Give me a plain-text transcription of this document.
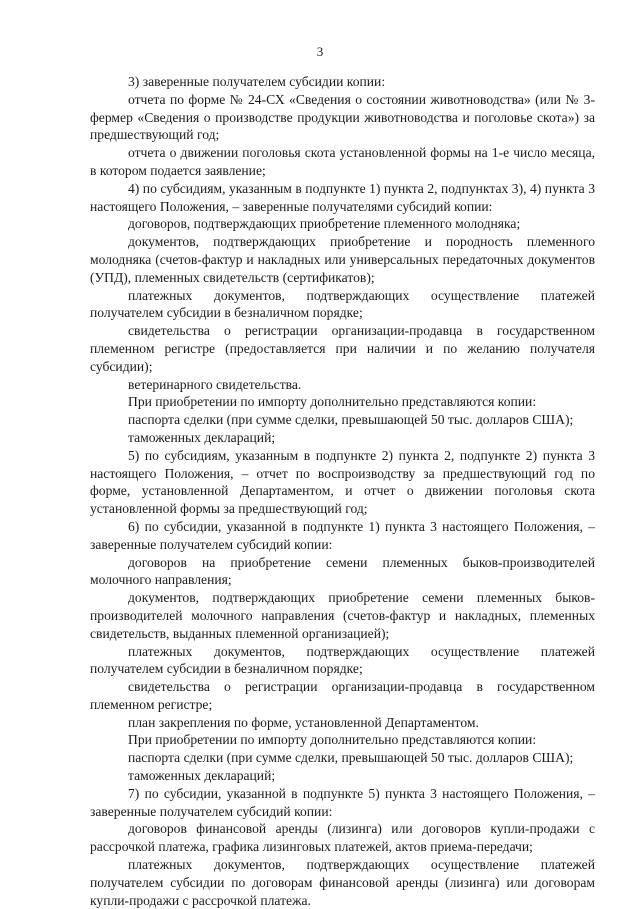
3

3) заверенные получателем субсидии копии:

отчета по форме № 24-СХ «Сведения о состоянии животноводства» (или № 3-фермер «Сведения о производстве продукции животноводства и поголовье скота») за предшествующий год;

отчета о движении поголовья скота установленной формы на 1-е число месяца, в котором подается заявление;

4) по субсидиям, указанным в подпункте 1) пункта 2, подпунктах 3), 4) пункта 3 настоящего Положения, – заверенные получателями субсидий копии:

договоров, подтверждающих приобретение племенного молодняка;

документов, подтверждающих приобретение и породность племенного молодняка (счетов-фактур и накладных или универсальных передаточных документов (УПД), племенных свидетельств (сертификатов);

платежных документов, подтверждающих осуществление платежей получателем субсидии в безналичном порядке;

свидетельства о регистрации организации-продавца в государственном племенном регистре (предоставляется при наличии и по желанию получателя субсидии);

ветеринарного свидетельства.

При приобретении по импорту дополнительно представляются копии:

паспорта сделки (при сумме сделки, превышающей 50 тыс. долларов США);

таможенных деклараций;

5) по субсидиям, указанным в подпункте 2) пункта 2, подпункте 2) пункта 3 настоящего Положения, – отчет по воспроизводству за предшествующий год по форме, установленной Департаментом, и отчет о движении поголовья скота установленной формы за предшествующий год;

6) по субсидии, указанной в подпункте 1) пункта 3 настоящего Положения, – заверенные получателем субсидий копии:

договоров на приобретение семени племенных быков-производителей молочного направления;

документов, подтверждающих приобретение семени племенных быков-производителей молочного направления (счетов-фактур и накладных, племенных свидетельств, выданных племенной организацией);

платежных документов, подтверждающих осуществление платежей получателем субсидии в безналичном порядке;

свидетельства о регистрации организации-продавца в государственном племенном регистре;

план закрепления по форме, установленной Департаментом.

При приобретении по импорту дополнительно представляются копии:

паспорта сделки (при сумме сделки, превышающей 50 тыс. долларов США);

таможенных деклараций;

7) по субсидии, указанной в подпункте 5) пункта 3 настоящего Положения, – заверенные получателем субсидий копии:

договоров финансовой аренды (лизинга) или договоров купли-продажи с рассрочкой платежа, графика лизинговых платежей, актов приема-передачи;

платежных документов, подтверждающих осуществление платежей получателем субсидии по договорам финансовой аренды (лизинга) или договорам купли-продажи с рассрочкой платежа.
